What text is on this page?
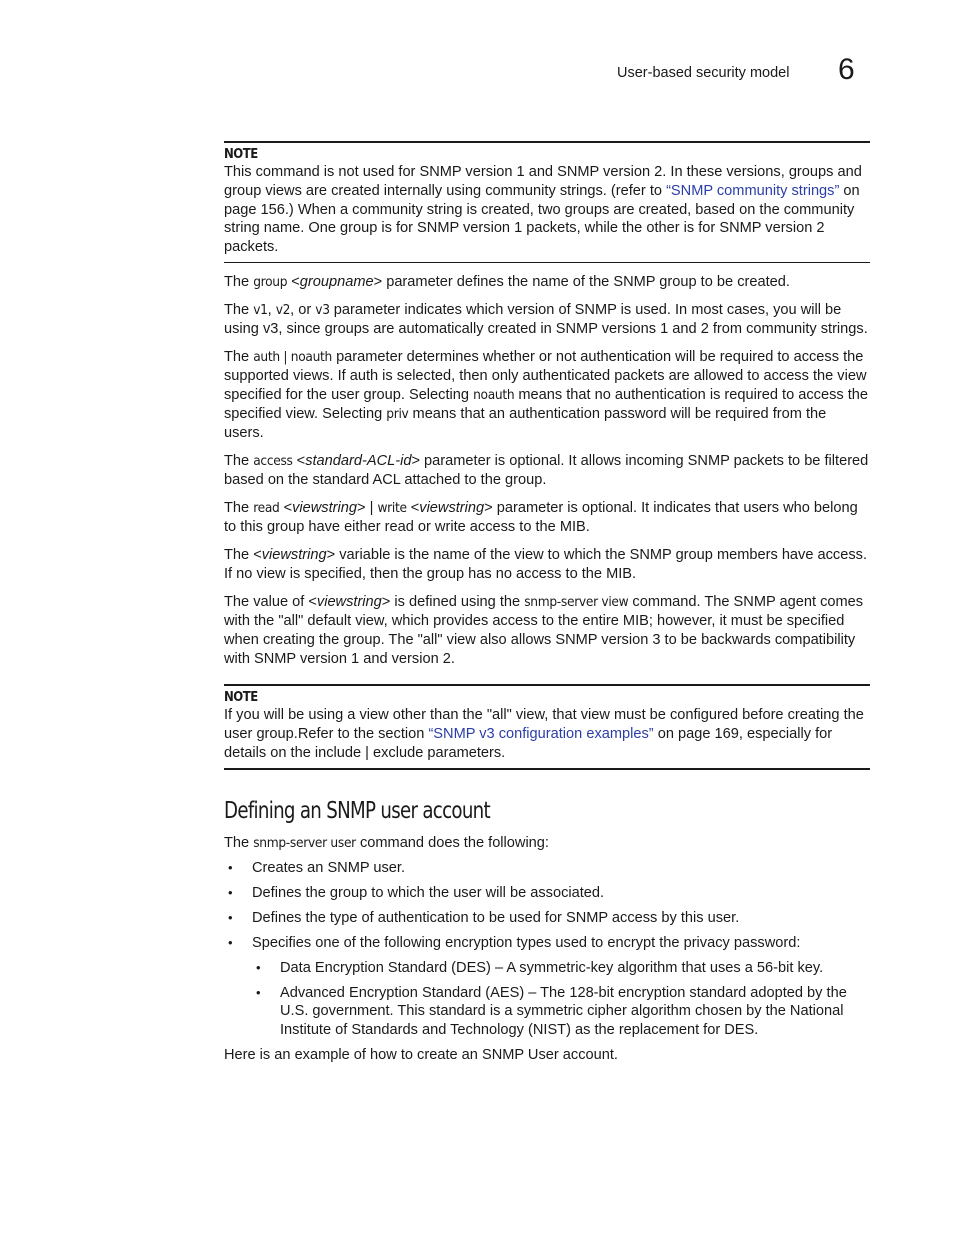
User-based security model 6
NOTE

This command is not used for SNMP version 1 and SNMP version 2. In these versions, groups and group views are created internally using community strings. (refer to “SNMP community strings” on page 156.) When a community string is created, two groups are created, based on the community string name. One group is for SNMP version 1 packets, while the other is for SNMP version 2 packets.

The group <groupname> parameter defines the name of the SNMP group to be created.

The v1, v2, or v3 parameter indicates which version of SNMP is used. In most cases, you will be using v3, since groups are automatically created in SNMP versions 1 and 2 from community strings.

The auth | noauth parameter determines whether or not authentication will be required to access the supported views. If auth is selected, then only authenticated packets are allowed to access the view specified for the user group. Selecting noauth means that no authentication is required to access the specified view. Selecting priv means that an authentication password will be required from the users.

The access <standard-ACL-id> parameter is optional. It allows incoming SNMP packets to be filtered based on the standard ACL attached to the group.

The read <viewstring> | write <viewstring> parameter is optional. It indicates that users who belong to this group have either read or write access to the MIB.

The <viewstring> variable is the name of the view to which the SNMP group members have access. If no view is specified, then the group has no access to the MIB.

The value of <viewstring> is defined using the snmp-server view command. The SNMP agent comes with the "all" default view, which provides access to the entire MIB; however, it must be specified when creating the group. The "all" view also allows SNMP version 3 to be backwards compatibility with SNMP version 1 and version 2.

NOTE

If you will be using a view other than the "all" view, that view must be configured before creating the user group.Refer to the section “SNMP v3 configuration examples” on page 169, especially for details on the include | exclude parameters.

Defining an SNMP user account

The snmp-server user command does the following:

• Creates an SNMP user.

• Defines the group to which the user will be associated.

• Defines the type of authentication to be used for SNMP access by this user.

• Specifies one of the following encryption types used to encrypt the privacy password:

• Data Encryption Standard (DES) – A symmetric-key algorithm that uses a 56-bit key.

• Advanced Encryption Standard (AES) – The 128-bit encryption standard adopted by the U.S. government. This standard is a symmetric cipher algorithm chosen by the National Institute of Standards and Technology (NIST) as the replacement for DES.

Here is an example of how to create an SNMP User account.
